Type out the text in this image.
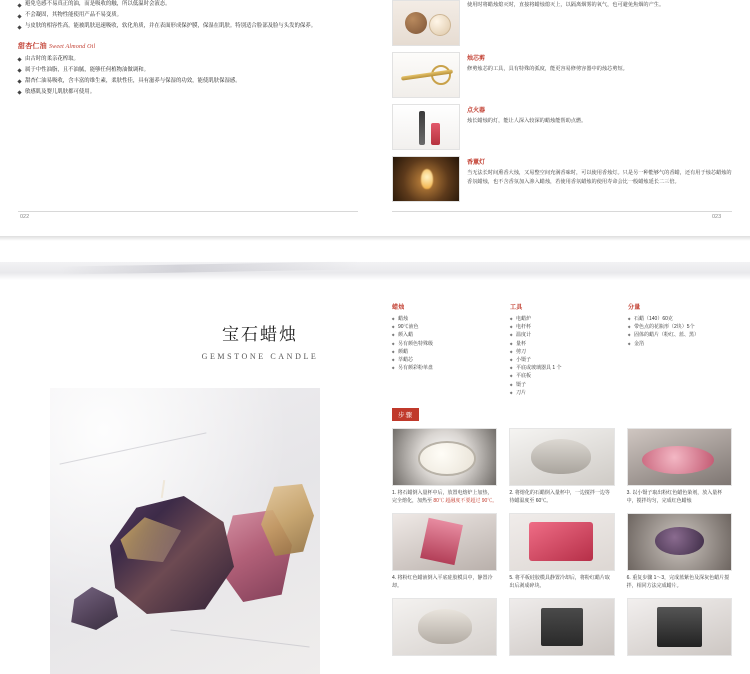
避免皂感不易真正的油，而是吸收的触，所以低温时会液态。
不会凝固，其物性能使用产品不易变质。
与皮肤的相容性高，能被肌肤迅速吸收，软化角质，并在表面形成保护膜，保湿在肌肤。特别适合脸部及脸与头发的保养。
甜杏仁油 Sweet Almond Oil
由古时的柔亲花榨取。
属于中性油脂，且不油腻，能够任何植物油做调和。
甜杏仁油易吸收，含丰富的维生素，柔肤性佳，具有滋养与保湿的功效，能使肌肤保湿感。
敏感肌及婴儿肌肤都可使用。
使用时将蜡烛熄灭时，直接将蜡烛熄灭上，以隔离烟雾的氧气，也可避免焦烟的产生。
烛芯剪
修剪烛芯的工具，具有特殊的弧度，能更容易修剪容器中的烛芯剪短。
点火器
烛长蜡烛的灯，能让人深入较深的蜡烛能帮助点燃。
香薰灯
当无法长时间熏香大烛，又易整空间充满香味时，可以使用香烛灯。只是另一种能够气的香蜡，还有用于烛芯蜡烛的香氛蜡烛，也不含香氛加入渗入蜡烛，若使用香氛蜡烛的使用寿命会比一般蜡烛延长二三倍。
022	023
宝石蜡烛
GEMSTONE CANDLE
蜡烛
蜡烛
90℃液色
颜入蜡
另有颜色特殊级
颜蜡
萃蜡芯
另有颜彩粉单盘
工具
电蜡炉
电杆杯
温度计
量杯
剪刀
小镊子
平底或玻璃器具 1 个
平底板
镊子
刀片
分量
石蜡（140）60克
带色点的花瓶形（2块）5个
固体的蜡片（粉红、蓝、黑）
金箔
步骤
1. 将石蜡倒入量杯中后，放置电熔炉上加热，完全熔化，加热至 80℃ 超融度不要超过 90℃。
2. 将熔化的石蜡倒入量杯中，一边搅拌一边等待蜡温度至 60℃。
3. 以小镊子取出粉红色蜡色染剂，放入量杯中，搅拌均匀，完成红色蜡烛
4. 将粉红色蜡液倒入平底硅胶模具中，静置冷却。
5. 将平板硅胶模具静置冷却后，将粉红蜡片取出后剥成碎块。
6. 重复步骤 1～3，完成蓝紫色及深灰色蜡片搅拌，相同方法完成蜡片。
